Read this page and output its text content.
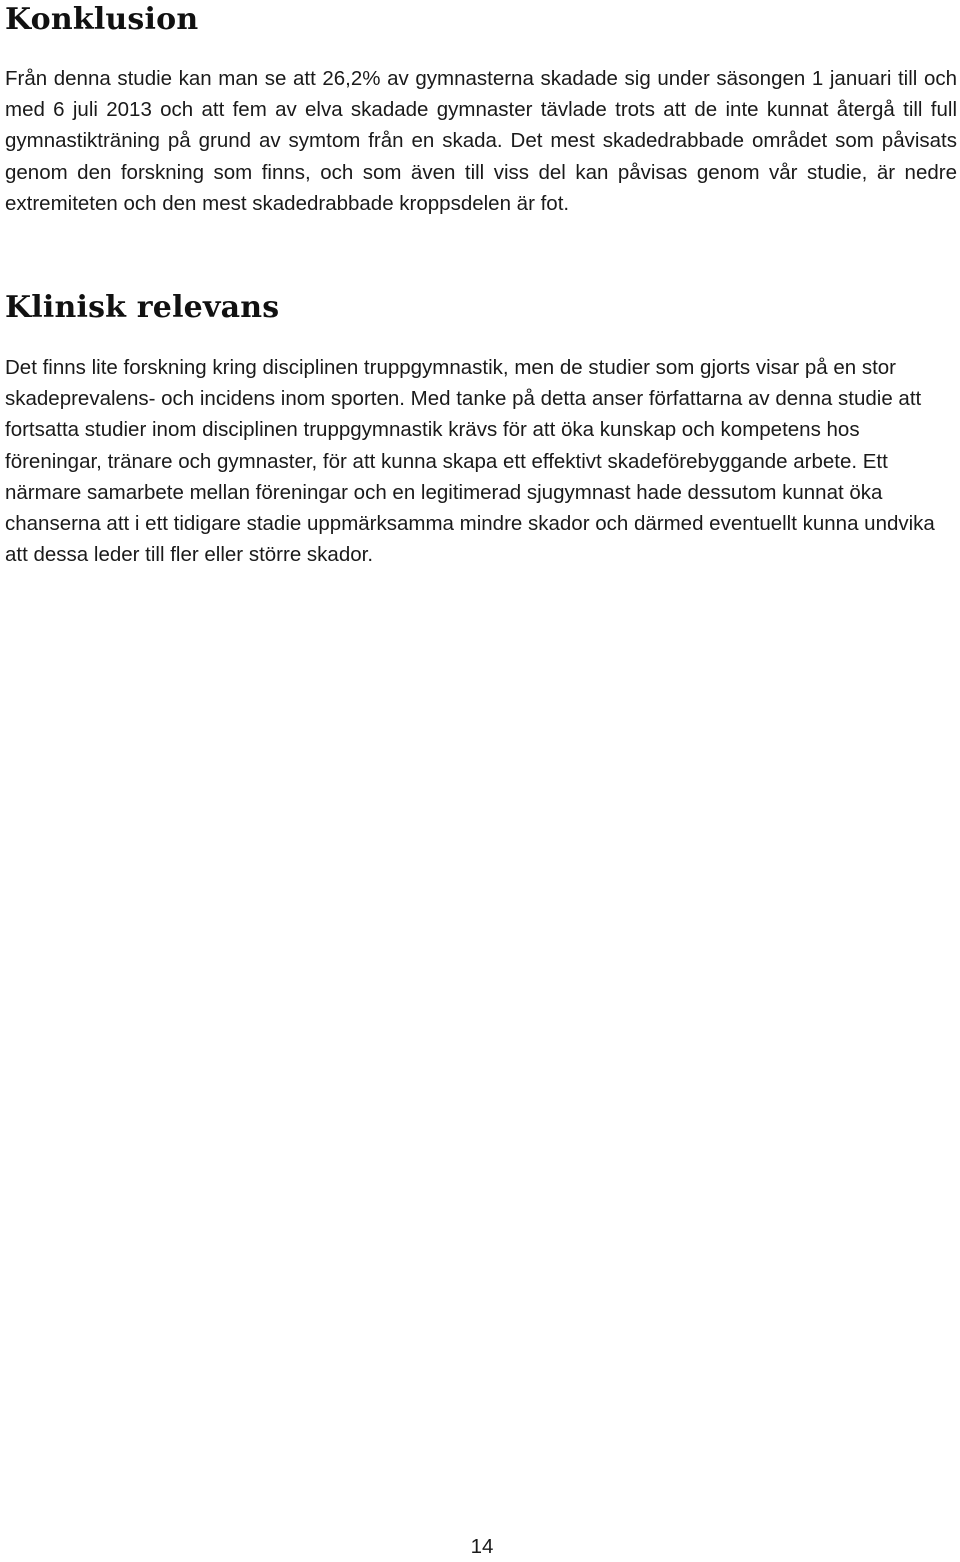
Konklusion

Från denna studie kan man se att 26,2% av gymnasterna skadade sig under säsongen 1 januari till och med 6 juli 2013 och att fem av elva skadade gymnaster tävlade trots att de inte kunnat återgå till full gymnastikträning på grund av symtom från en skada. Det mest skadedrabbade området som påvisats genom den forskning som finns, och som även till viss del kan påvisas genom vår studie, är nedre extremiteten och den mest skadedrabbade kroppsdelen är fot.

Klinisk relevans

Det finns lite forskning kring disciplinen truppgymnastik, men de studier som gjorts visar på en stor skadeprevalens- och incidens inom sporten. Med tanke på detta anser författarna av denna studie att fortsatta studier inom disciplinen truppgymnastik krävs för att öka kunskap och kompetens hos föreningar, tränare och gymnaster, för att kunna skapa ett effektivt skadeförebyggande arbete. Ett närmare samarbete mellan föreningar och en legitimerad sjugymnast hade dessutom kunnat öka chanserna att i ett tidigare stadie uppmärksamma mindre skador och därmed eventuellt kunna undvika att dessa leder till fler eller större skador.

14
